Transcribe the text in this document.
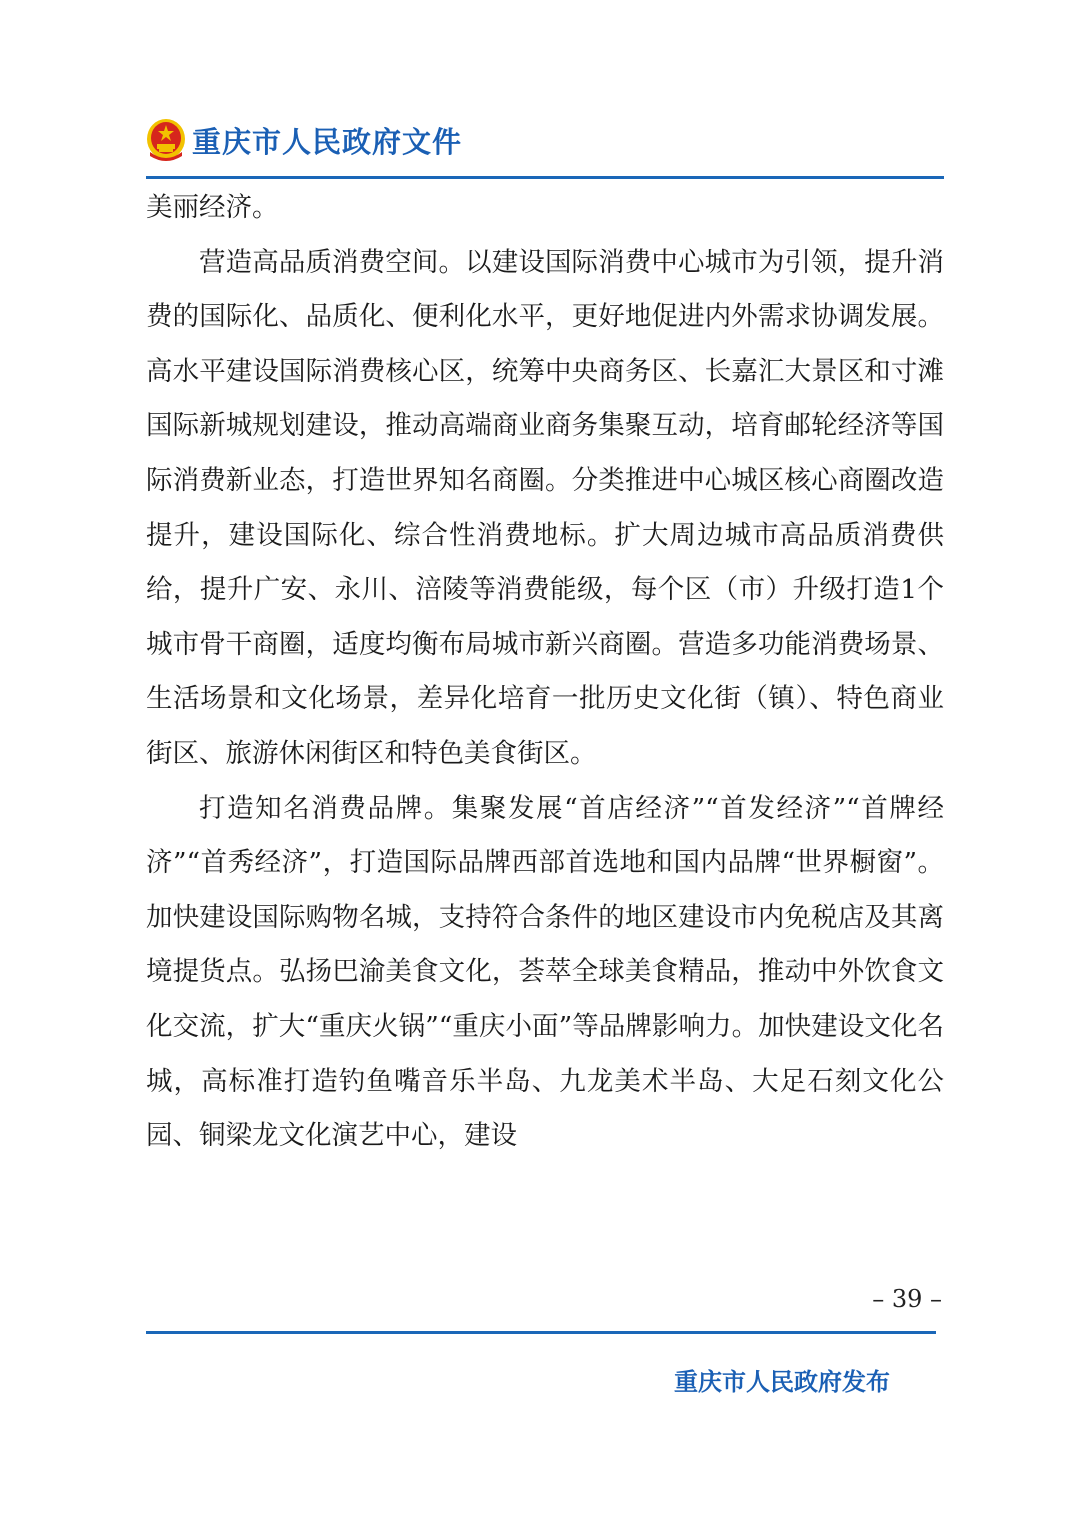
重庆市人民政府文件

美丽经济。

营造高品质消费空间。以建设国际消费中心城市为引领，提升消费的国际化、品质化、便利化水平，更好地促进内外需求协调发展。高水平建设国际消费核心区，统筹中央商务区、长嘉汇大景区和寸滩国际新城规划建设，推动高端商业商务集聚互动，培育邮轮经济等国际消费新业态，打造世界知名商圈。分类推进中心城区核心商圈改造提升，建设国际化、综合性消费地标。扩大周边城市高品质消费供给，提升广安、永川、涪陵等消费能级，每个区（市）升级打造1个城市骨干商圈，适度均衡布局城市新兴商圈。营造多功能消费场景、生活场景和文化场景，差异化培育一批历史文化街（镇）、特色商业街区、旅游休闲街区和特色美食街区。

打造知名消费品牌。集聚发展“首店经济”“首发经济”“首牌经济”“首秀经济”，打造国际品牌西部首选地和国内品牌“世界橱窗”。加快建设国际购物名城，支持符合条件的地区建设市内免税店及其离境提货点。弘扬巴渝美食文化，荟萃全球美食精品，推动中外饮食文化交流，扩大“重庆火锅”“重庆小面”等品牌影响力。加快建设文化名城，高标准打造钓鱼嘴音乐半岛、九龙美术半岛、大足石刻文化公园、铜梁龙文化演艺中心，建设

– 39 –
重庆市人民政府发布
